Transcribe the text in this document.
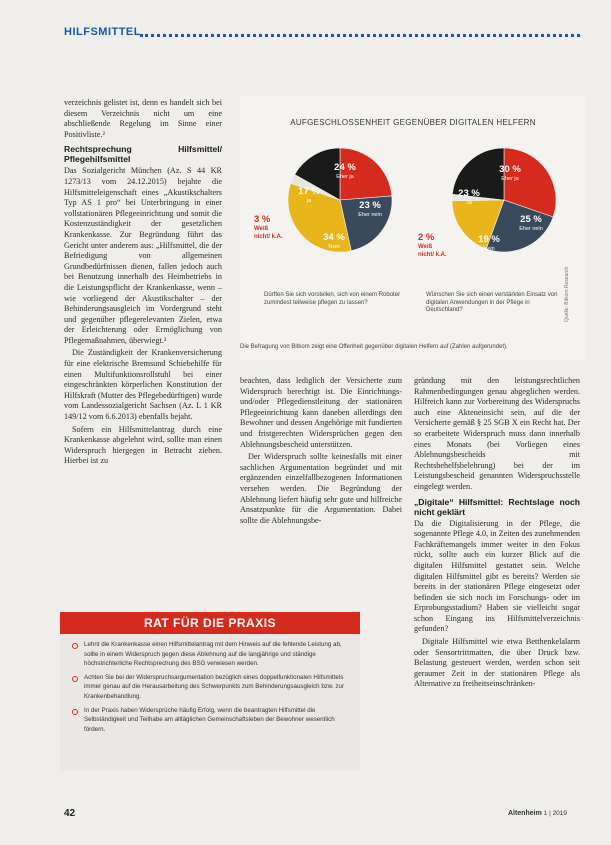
HILFSMITTEL

verzeichnis gelistet ist, denn es handelt sich bei diesem Verzeichnis nicht um eine abschließende Regelung im Sinne einer Positivliste.²

Rechtsprechung Hilfsmittel/ Pflegehilfsmittel

Das Sozialgericht München (Az. S 44 KR 1273/13 vom 24.12.2015) bejahte die Hilfsmitteleigenschaft eines „Akustikschalters Typ AS 1 pro“ bei Unterbringung in einer vollstationären Pflegeeinrichtung und somit die Kostenzuständigkeit der gesetzlichen Krankenkasse. Zur Begründung führt das Gericht unter anderem aus: „Hilfsmittel, die der Befriedigung von allgemeinen Grundbedürfnissen dienen, fallen jedoch auch bei Benutzung innerhalb des Heimbetriebs in die Leistungspflicht der Krankenkasse, wenn – wie vorliegend der Akustikschalter – der Behinderungsausgleich im Vordergrund steht und gegenüber pflegerelevanten Zielen, etwa der Erleichterung oder Ermöglichung von Pflegemaßnahmen, überwiegt.³

Die Zuständigkeit der Krankenversicherung für eine elektrische Bremsund Schiebehilfe für einen Multifunktionsrollstuhl bei einer eingeschränkten körperlichen Konstitution der Hilfskraft (Mutter des Pflegebedürftigen) wurde vom Landessozialgericht Sachsen (Az. L 1 KR 149/12 vom 6.6.2013) ebenfalls bejaht.

Sofern ein Hilfsmittelantrag durch eine Krankenkasse abgelehnt wird, sollte man einen Widerspruch hiergegen in Betracht ziehen. Hierbei ist zu

AUFGESCHLOSSENHEIT GEGENÜBER DIGITALEN HELFERN
24 %
Eher ja
17 %
ja	23 %
Eher nein
34 %
Nein
3 %
Weiß nicht/ k.A.
Dürften Sie sich vorstellen, sich von einem Roboter zumindest teilweise pflegen zu lassen?
30 %
Eher ja
23 %
Ja
25 %
Eher nein
19 %
Nein
2 %
Weiß nicht/ k.A.
Wünschen Sie sich einen verstärkten Einsatz von digitalen Anwendungen in der Pflege in Deutschland?	Quelle: Bitkom Research
Die Befragung von Bitkom zeigt eine Offenheit gegenüber digitalen Helfern auf (Zahlen aufgerundet).

beachten, dass lediglich der Versicherte zum Widerspruch berechtigt ist. Die Einrichtungs- und/oder Pflegedienstleitung der stationären Pflegeeinrichtung kann daneben allerdings den Bewohner und dessen Angehörige mit fundierten und fristgerechten Widersprüchen gegen den Ablehnungsbescheid unterstützen.

Der Widerspruch sollte keinesfalls mit einer sachlichen Argumentation begründet und mit ergänzenden einzelfallbezogenen Informationen versehen werden. Die Begründung der Ablehnung liefert häufig sehr gute und hilfreiche Ansatzpunkte für die Argumentation. Dabei sollte die Ablehnungsbe-

gründung mit den leistungsrechtlichen Rahmenbedingungen genau abgeglichen werden. Hilfreich kann zur Vorbereitung des Widerspruchs auch eine Akteneinsicht sein, auf die der Versicherte gemäß § 25 SGB X ein Recht hat. Der so erarbeitete Widerspruch muss dann innerhalb eines Monats (bei Vorliegen eines Ablehnungsbescheids mit Rechtsbehelfsbelehrung) bei der im Leistungsbescheid genannten Widerspruchsstelle eingelegt werden.

„Digitale“ Hilfsmittel: Rechtslage noch nicht geklärt

Da die Digitalisierung in der Pflege, die sogenannte Pflege 4.0, in Zeiten des zunehmenden Fachkräftemangels immer weiter in den Fokus rückt, sollte auch ein kurzer Blick auf die digitalen Hilfsmittel gestattet sein. Welche digitalen Hilfsmittel gibt es bereits? Werden sie bereits in der stationären Pflege eingesetzt oder befinden sie sich noch im Forschungs- oder im Erprobungsstadium? Haben sie vielleicht sogar schon Eingang ins Hilfsmittelverzeichnis gefunden?

Digitale Hilfsmittel wie etwa Betthenkelalarm oder Sensortrittmatten, die über Druck bzw. Belastung gesteuert werden, werden schon seit geraumer Zeit in der stationären Pflege als Alternative zu freiheitseinschränken-

RAT FÜR DIE PRAXIS
Lehnt die Krankenkasse einen Hilfsmittelantrag mit dem Hinweis auf die fehlende Leistung ab, sollte in einem Widerspruch gegen diese Ablehnung auf die langjährige und ständige höchstrichterliche Rechtsprechung des BSG verwiesen werden.
Achten Sie bei der Widerspruchsargumentation bezüglich eines doppelfunktionalen Hilfsmittels immer genau auf die Herausarbeitung des Schwerpunkts zum Behinderungsausgleich bzw. zur Krankenbehandlung.
In der Praxis haben Widersprüche häufig Erfolg, wenn die beantragten Hilfsmittel die Selbständigkeit und Teilhabe am alltäglichen Gemeinschaftsleben der Bewohner wesentlich fördern.
42	Altenheim 1 | 2019
